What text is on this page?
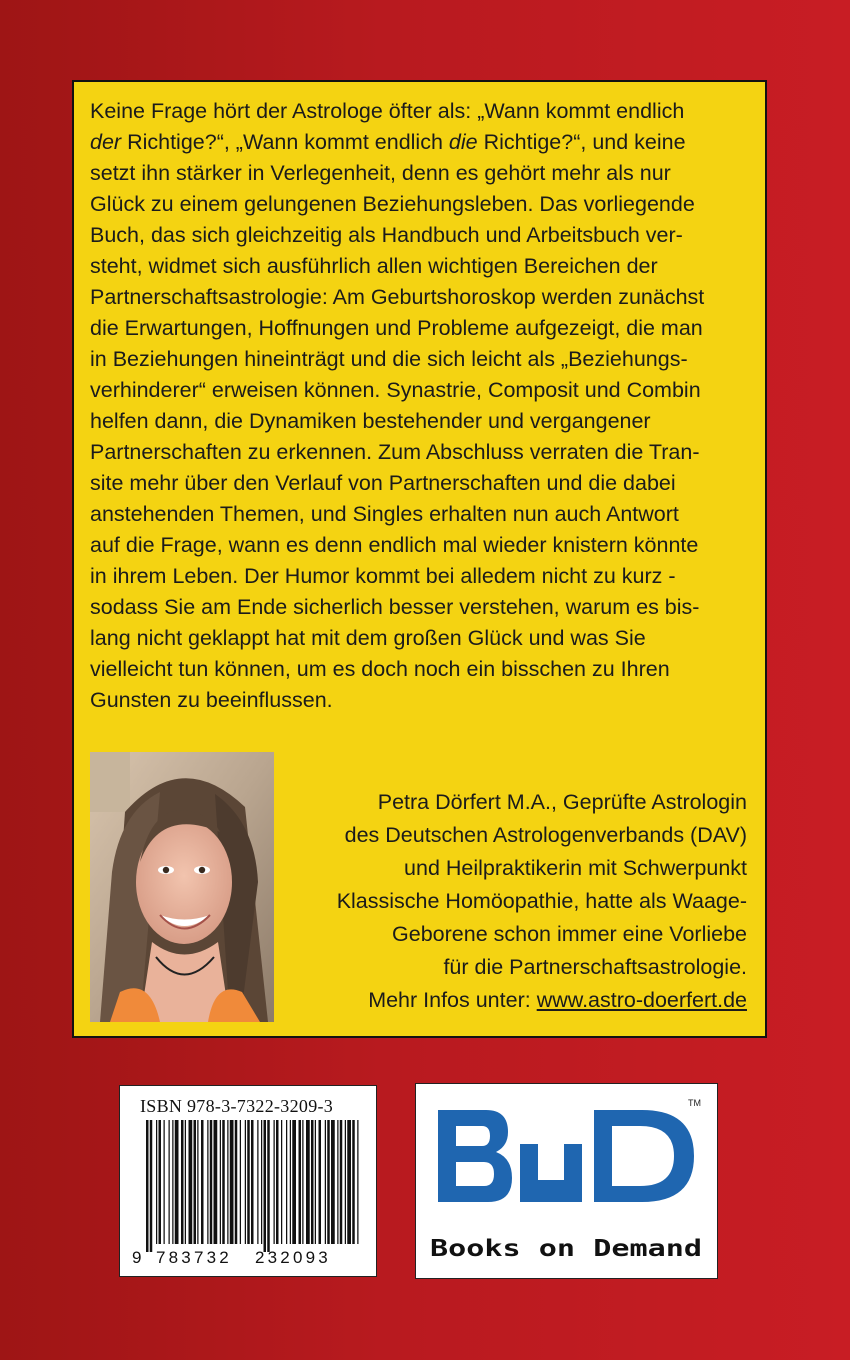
Keine Frage hört der Astrologe öfter als: „Wann kommt endlich
der Richtige?“, „Wann kommt endlich die Richtige?“, und keine
setzt ihn stärker in Verlegenheit, denn es gehört mehr als nur
Glück zu einem gelungenen Beziehungsleben. Das vorliegende
Buch, das sich gleichzeitig als Handbuch und Arbeitsbuch ver-
steht, widmet sich ausführlich allen wichtigen Bereichen der
Partnerschaftsastrologie: Am Geburtshoroskop werden zunächst
die Erwartungen, Hoffnungen und Probleme aufgezeigt, die man
in Beziehungen hineinträgt und die sich leicht als „Beziehungs-
verhinderer“ erweisen können. Synastrie, Composit und Combin
helfen dann, die Dynamiken bestehender und vergangener
Partnerschaften zu erkennen. Zum Abschluss verraten die Tran-
site mehr über den Verlauf von Partnerschaften und die dabei
anstehenden Themen, und Singles erhalten nun auch Antwort
auf die Frage, wann es denn endlich mal wieder knistern könnte
in ihrem Leben. Der Humor kommt bei alledem nicht zu kurz -
sodass Sie am Ende sicherlich besser verstehen, warum es bis-
lang nicht geklappt hat mit dem großen Glück und was Sie
vielleicht tun können, um es doch noch ein bisschen zu Ihren
Gunsten zu beeinflussen.

Petra Dörfert M.A., Geprüfte Astrologin
des Deutschen Astrologenverbands (DAV)
und Heilpraktikerin mit Schwerpunkt
Klassische Homöopathie, hatte als Waage-
Geborene schon immer eine Vorliebe
für die Partnerschaftsastrologie.
Mehr Infos unter: www.astro-doerfert.de
ISBN 978-3-7322-3209-3
9 783732 232093
TM
Books on Demand
